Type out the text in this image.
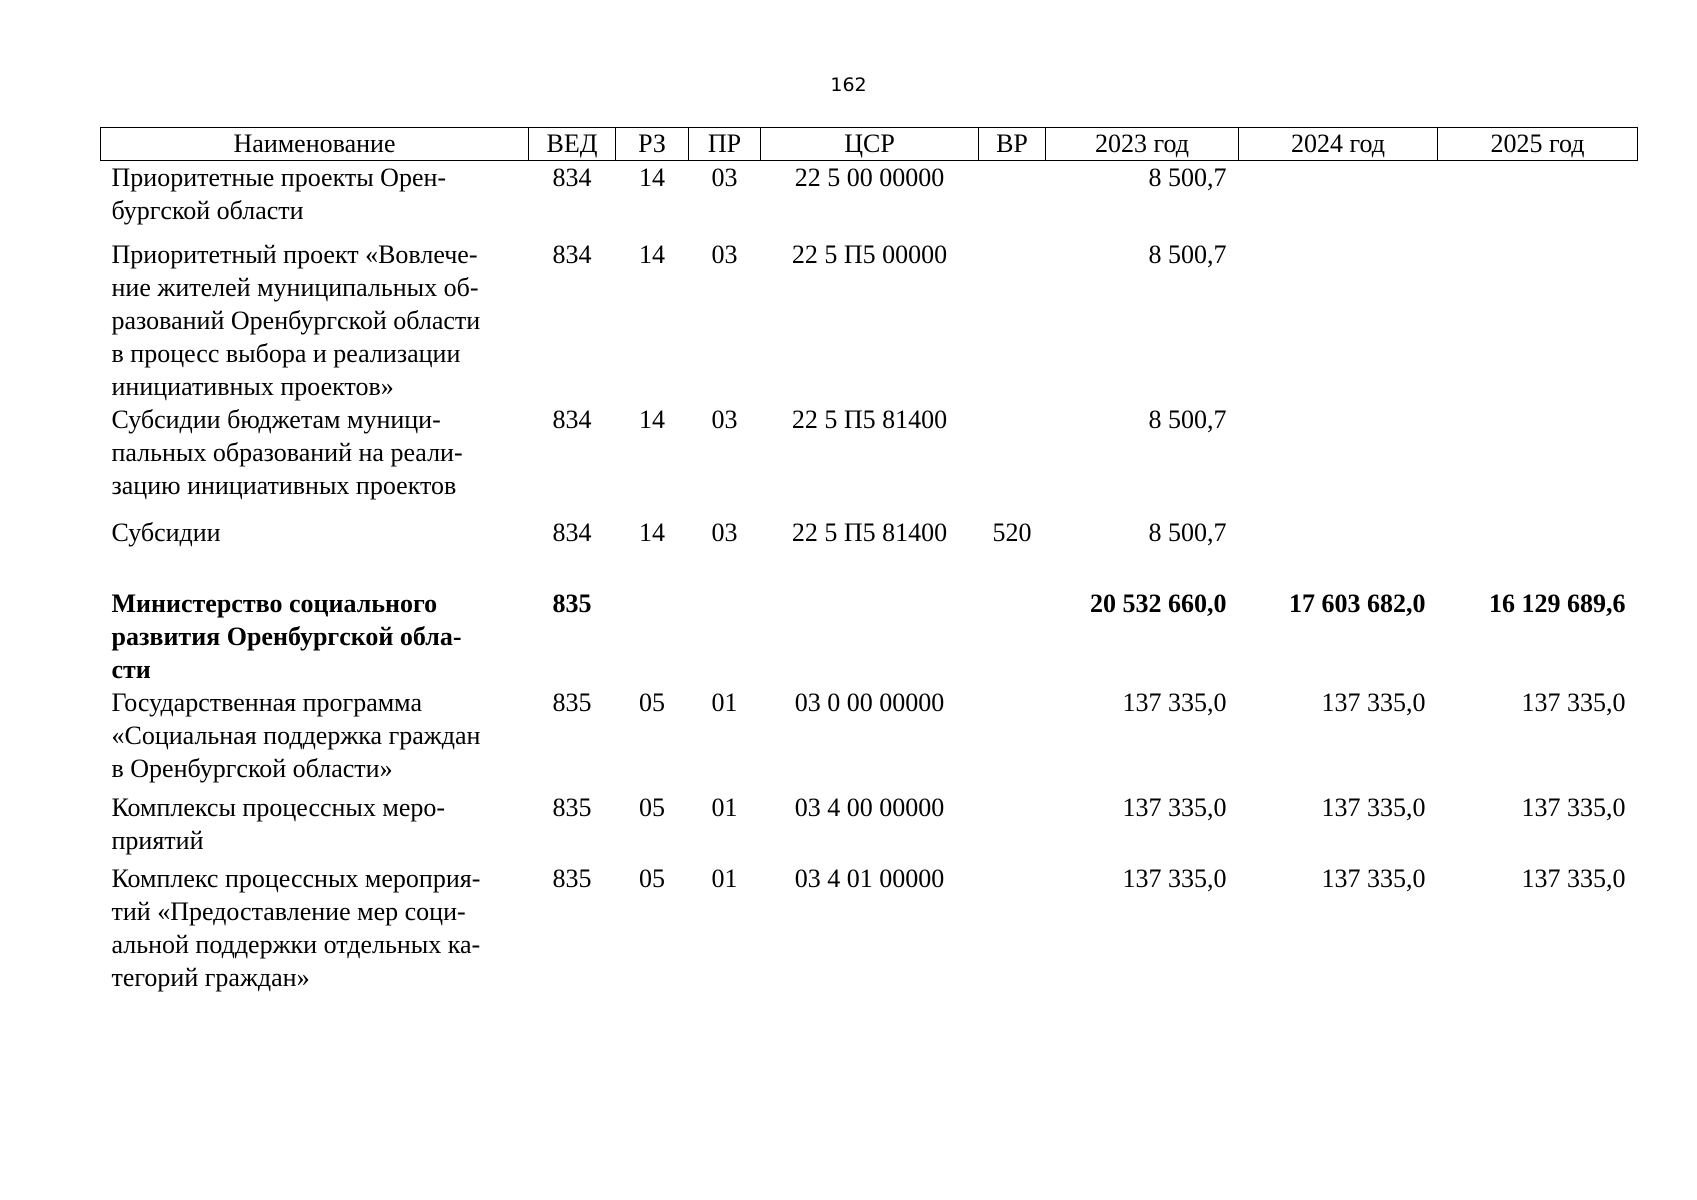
162
Наименование	ВЕД	РЗ	ПР	ЦСР	ВР	2023 год	2024 год	2025 год
Приоритетные проекты Орен-
бургской области	834	14	03	22 5 00 00000		8 500,7		
Приоритетный проект «Вовлече-
ние жителей муниципальных об-
разований Оренбургской области
в процесс выбора и реализации
инициативных проектов»	834	14	03	22 5 П5 00000		8 500,7		
Субсидии бюджетам муници-
пальных образований на реали-
зацию инициативных проектов	834	14	03	22 5 П5 81400		8 500,7		
Субсидии	834	14	03	22 5 П5 81400	520	8 500,7		
Министерство социального
развития Оренбургской обла-
сти	835					20 532 660,0	17 603 682,0	16 129 689,6
Государственная программа
«Социальная поддержка граждан
в Оренбургской области»	835	05	01	03 0 00 00000		137 335,0	137 335,0	137 335,0
Комплексы процессных меро-
приятий	835	05	01	03 4 00 00000		137 335,0	137 335,0	137 335,0
Комплекс процессных мероприя-
тий «Предоставление мер соци-
альной поддержки отдельных ка-
тегорий граждан»	835	05	01	03 4 01 00000		137 335,0	137 335,0	137 335,0
